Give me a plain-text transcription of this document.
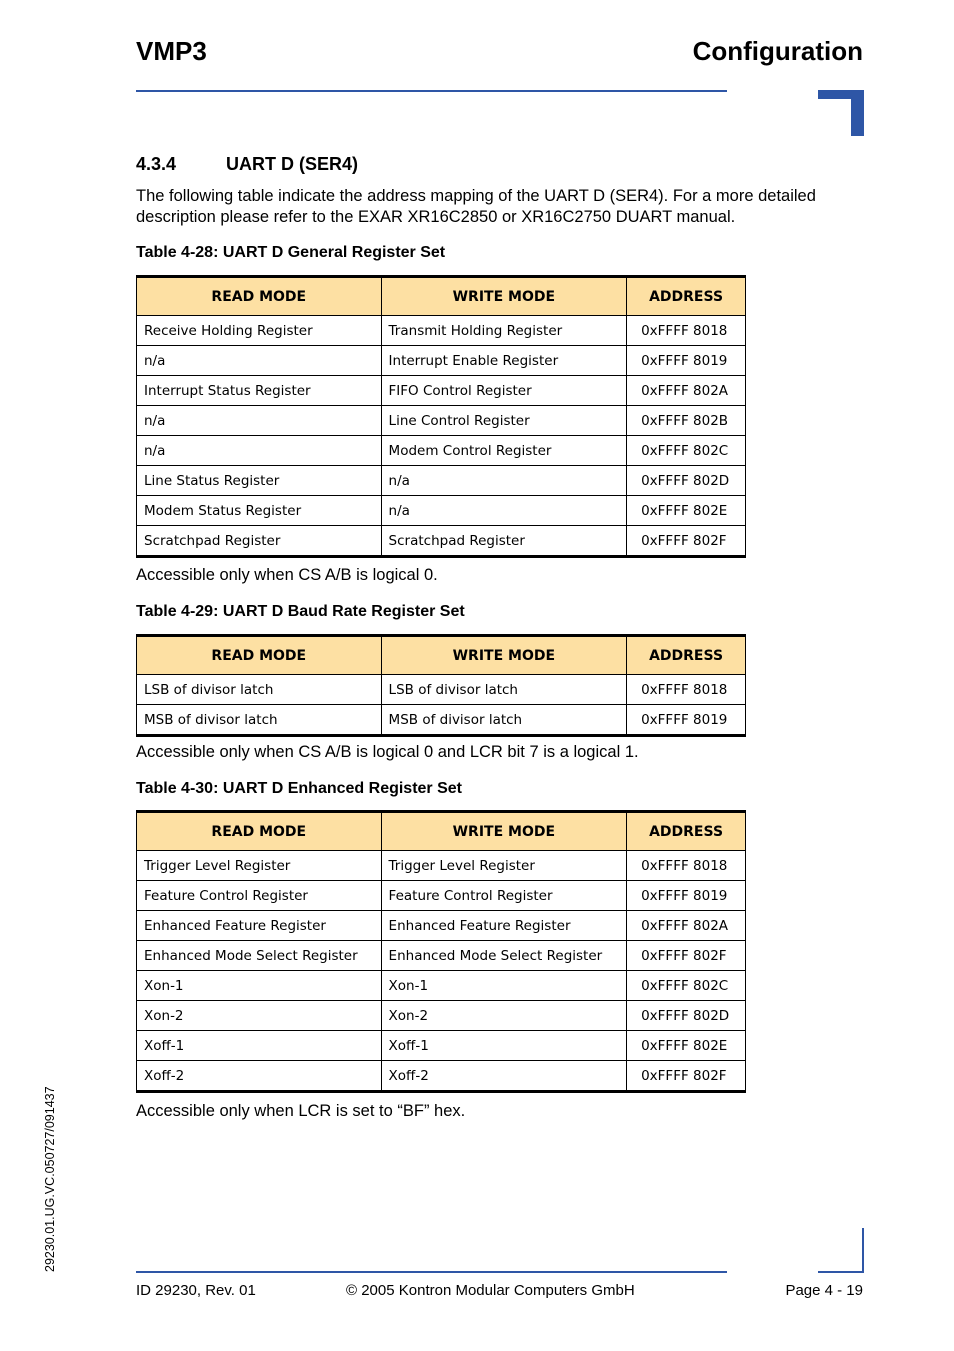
VMP3	Configuration
4.3.4	UART D (SER4)
The following table indicate the address mapping of the UART D (SER4). For a more detailed description please refer to the EXAR XR16C2850 or XR16C2750 DUART manual.
Table 4-28: UART D General Register Set
READ MODE	WRITE MODE	ADDRESS
Receive Holding Register	Transmit Holding Register	0xFFFF 8018
n/a	Interrupt Enable Register	0xFFFF 8019
Interrupt Status Register	FIFO Control Register	0xFFFF 802A
n/a	Line Control Register	0xFFFF 802B
n/a	Modem Control Register	0xFFFF 802C
Line Status Register	n/a	0xFFFF 802D
Modem Status Register	n/a	0xFFFF 802E
Scratchpad Register	Scratchpad Register	0xFFFF 802F
Accessible only when CS A/B is logical 0.
Table 4-29: UART D Baud Rate Register Set
READ MODE	WRITE MODE	ADDRESS
LSB of divisor latch	LSB of divisor latch	0xFFFF 8018
MSB of divisor latch	MSB of divisor latch	0xFFFF 8019
Accessible only when CS A/B is logical 0 and LCR bit 7 is a logical 1.
Table 4-30: UART D Enhanced Register Set
READ MODE	WRITE MODE	ADDRESS
Trigger Level Register	Trigger Level Register	0xFFFF 8018
Feature Control Register	Feature Control Register	0xFFFF 8019
Enhanced Feature Register	Enhanced Feature Register	0xFFFF 802A
Enhanced Mode Select Register	Enhanced Mode Select Register	0xFFFF 802F
Xon-1	Xon-1	0xFFFF 802C
Xon-2	Xon-2	0xFFFF 802D
Xoff-1	Xoff-1	0xFFFF 802E
Xoff-2	Xoff-2	0xFFFF 802F
Accessible only when LCR is set to “BF” hex.
29230.01.UG.VC.050727/091437
ID 29230, Rev. 01	© 2005 Kontron Modular Computers GmbH	Page 4 - 19
